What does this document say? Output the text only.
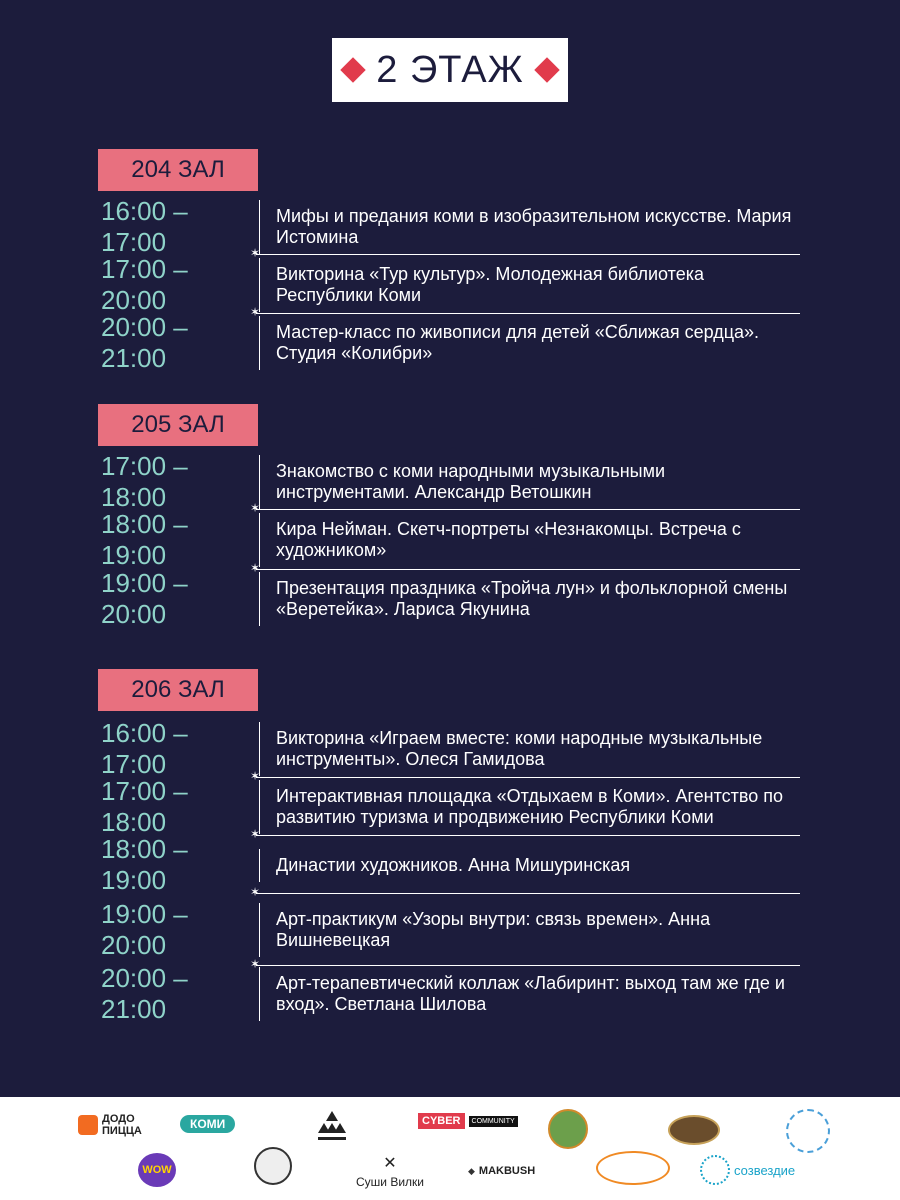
2 ЭТАЖ
204 ЗАЛ
16:00 – 17:00
Мифы и предания коми в изобразительном искусстве. Мария Истомина
✶
17:00 – 20:00
Викторина «Тур культур». Молодежная библиотека Республики Коми
✶
20:00 – 21:00
Мастер-класс по живописи для детей «Сближая сердца». Студия «Колибри»
205 ЗАЛ
17:00 – 18:00
Знакомство с коми народными музыкальными инструментами. Александр Ветошкин
✶
18:00 – 19:00
Кира Нейман. Скетч-портреты «Незнакомцы. Встреча с художником»
✶
19:00 – 20:00
Презентация праздника «Тройча лун» и фольклорной смены «Веретейка». Лариса Якунина
206 ЗАЛ
16:00 – 17:00
Викторина «Играем вместе: коми народные музыкальные инструменты». Олеся Гамидова
✶
17:00 – 18:00
Интерактивная площадка «Отдыхаем в Коми». Агентство по развитию туризма и продвижению Республики Коми
✶
18:00 – 19:00
Династии художников. Анна Мишуринская
✶
19:00 – 20:00
Арт-практикум «Узоры внутри: связь времен». Анна Вишневецкая
✶
20:00 – 21:00
Арт-терапевтический коллаж «Лабиринт: выход там же где и вход». Светлана Шилова
ДОДО ПИЦЦА	КОМИ	CYBER	COMMUNITY
WOW	✕
Суши Вилки
◆ MAKBUSH	созвездие
